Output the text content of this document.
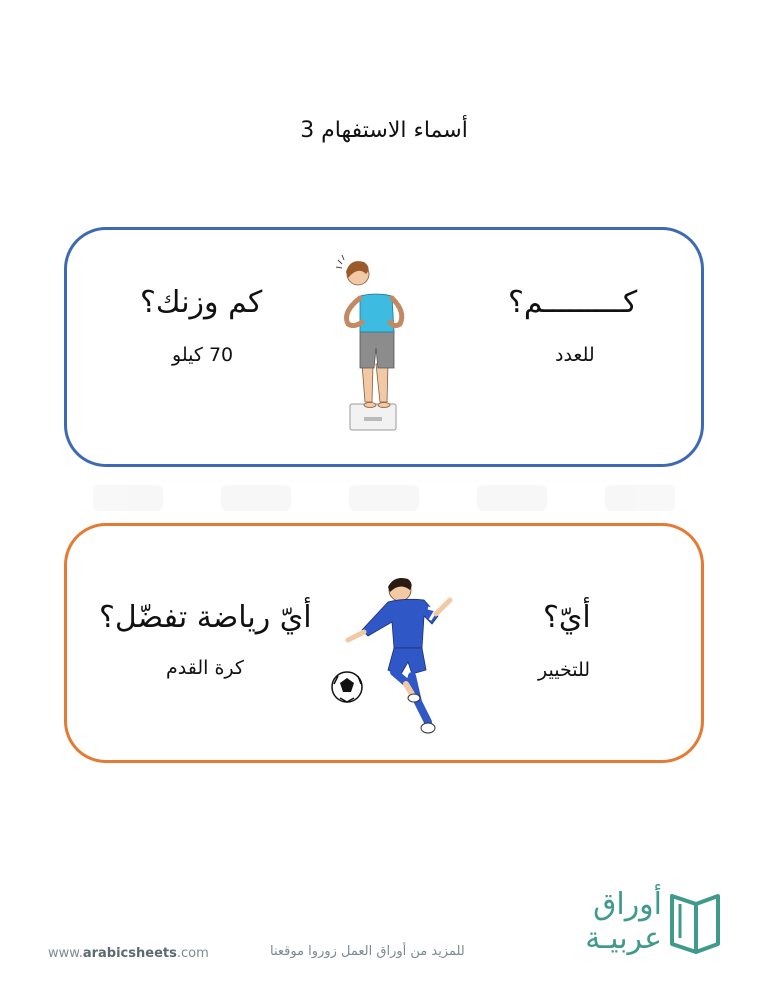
أسماء الاستفهام 3
كـــــــــم؟
للعدد
كم وزنك؟
70 كيلو
أيّ؟
للتخيير
أيّ رياضة تفضّل؟
كرة القدم
www.arabicsheets.com	للمزيد من أوراق العمل زوروا موقعنا
أوراق
عربيـة
